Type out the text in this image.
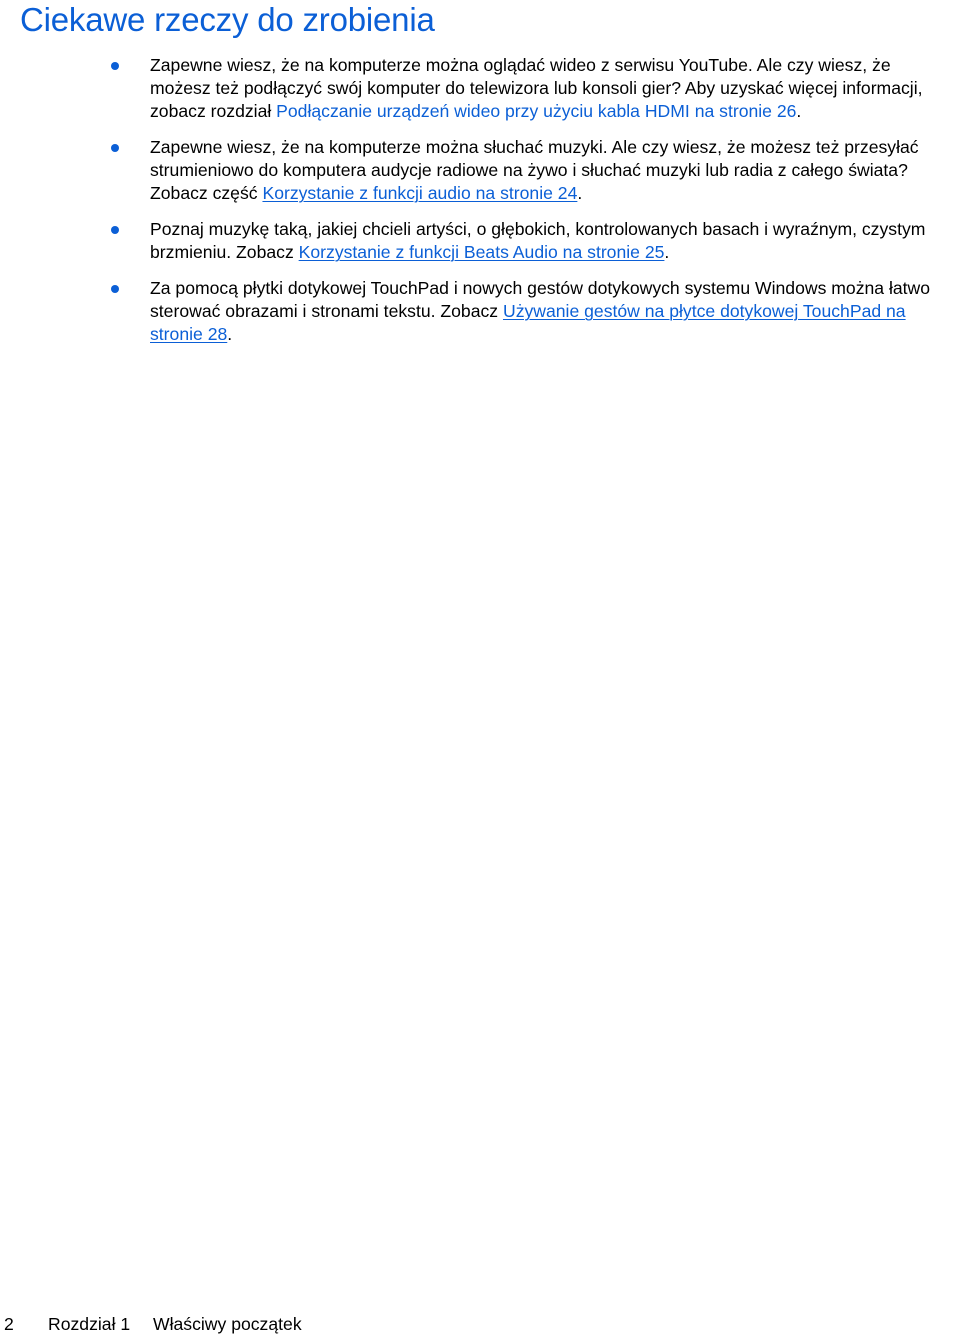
Ciekawe rzeczy do zrobienia
Zapewne wiesz, że na komputerze można oglądać wideo z serwisu YouTube. Ale czy wiesz, że możesz też podłączyć swój komputer do telewizora lub konsoli gier? Aby uzyskać więcej informacji, zobacz rozdział Podłączanie urządzeń wideo przy użyciu kabla HDMI na stronie 26.
Zapewne wiesz, że na komputerze można słuchać muzyki. Ale czy wiesz, że możesz też przesyłać strumieniowo do komputera audycje radiowe na żywo i słuchać muzyki lub radia z całego świata? Zobacz część Korzystanie z funkcji audio na stronie 24.
Poznaj muzykę taką, jakiej chcieli artyści, o głębokich, kontrolowanych basach i wyraźnym, czystym brzmieniu. Zobacz Korzystanie z funkcji Beats Audio na stronie 25.
Za pomocą płytki dotykowej TouchPad i nowych gestów dotykowych systemu Windows można łatwo sterować obrazami i stronami tekstu. Zobacz Używanie gestów na płytce dotykowej TouchPad na stronie 28.
2 Rozdział 1 Właściwy początek
